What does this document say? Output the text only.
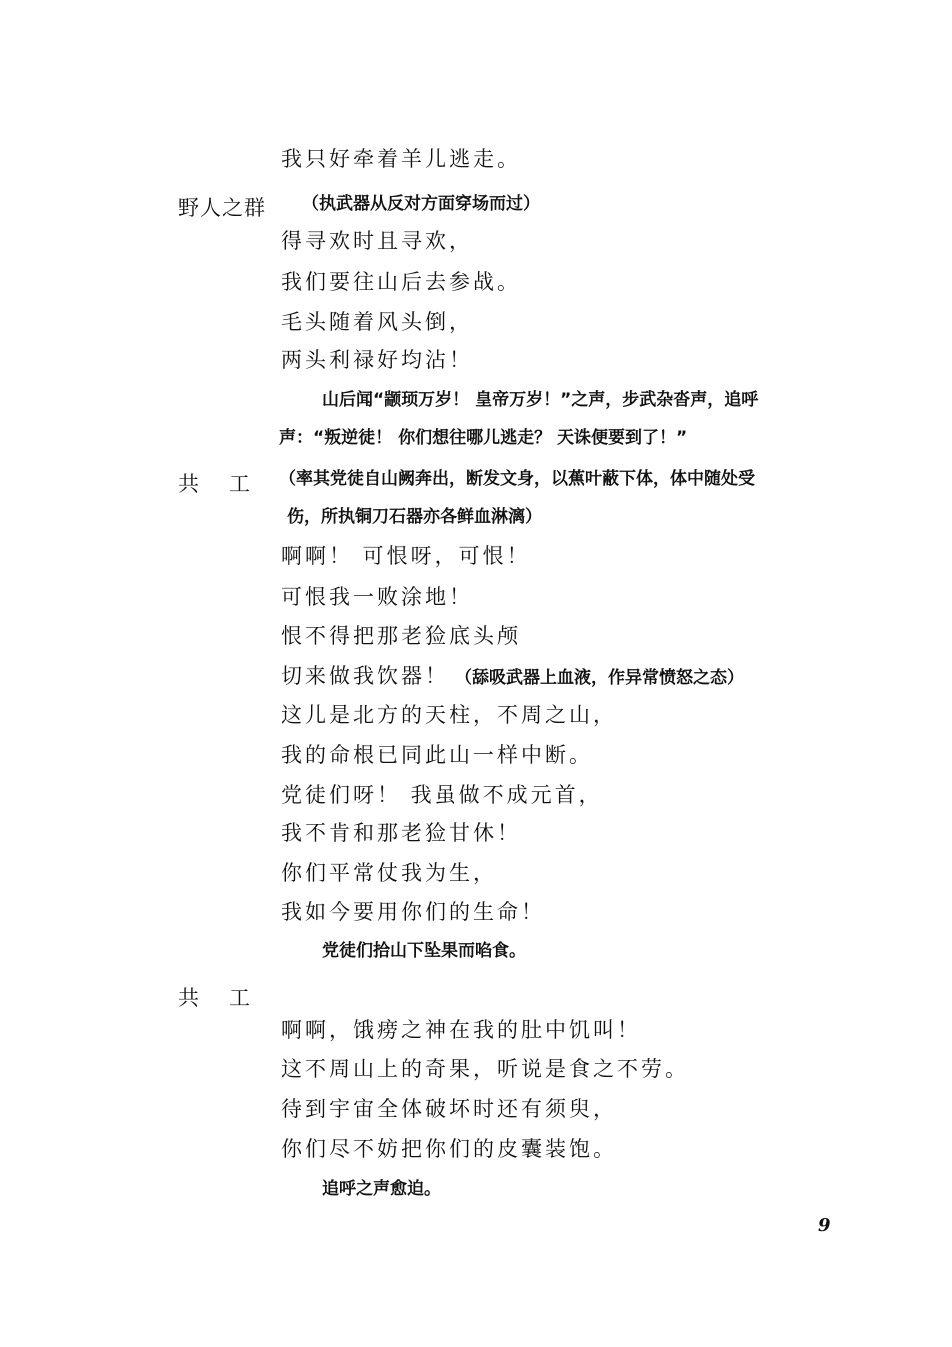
我只好牵着羊儿逃走。
野人之群 （执武器从反对方面穿场而过）
得寻欢时且寻欢，
我们要往山后去参战。
毛头随着风头倒，
两头利禄好均沾！
山后闻“颛顼万岁！ 皇帝万岁！”之声，步武杂沓声，追呼
声：“叛逆徒！ 你们想往哪儿逃走？ 天诛便要到了！”
共工 （率其党徒自山阙奔出，断发文身，以蕉叶蔽下体，体中随处受
伤，所执铜刀石器亦各鲜血淋漓）
啊啊！ 可恨呀，可恨！
可恨我一败涂地！
恨不得把那老猃底头颅
切来做我饮器！ （舔吸武器上血液，作异常愤怒之态）
这儿是北方的天柱，不周之山，
我的命根已同此山一样中断。
党徒们呀！ 我虽做不成元首，
我不肯和那老猃甘休！
你们平常仗我为生，
我如今要用你们的生命！
党徒们拾山下坠果而啗食。
共工
啊啊，饿痨之神在我的肚中饥叫！
这不周山上的奇果，听说是食之不劳。
待到宇宙全体破坏时还有须臾，
你们尽不妨把你们的皮囊装饱。
追呼之声愈迫。
9
